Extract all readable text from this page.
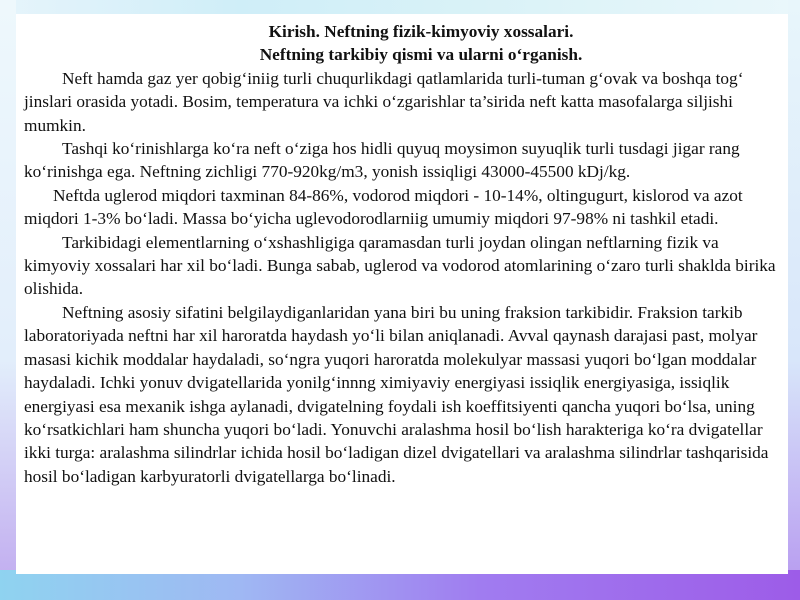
Kirish. Neftning fizik-kimyoviy xossalari.

Neftning tarkibiy qismi va ularni o‘rganish.

Neft hamda gaz yer qobig‘iniig turli chuqurlikdagi qatlamlarida turli-tuman g‘ovak va boshqa tog‘ jinslari orasida yotadi. Bosim, temperatura va ichki o‘zgarishlar ta’sirida neft katta masofalarga siljishi mumkin.

Tashqi ko‘rinishlarga ko‘ra neft o‘ziga hos hidli quyuq moysimon suyuqlik turli tusdagi jigar rang ko‘rinishga ega. Neftning zichligi 770-920kg/m3, yonish issiqligi 43000-45500 kDj/kg.

Neftda uglerod miqdori taxminan 84-86%, vodorod miqdori - 10-14%, oltingugurt, kislorod va azot miqdori 1-3% bo‘ladi. Massa bo‘yicha uglevodorodlarniig umumiy miqdori 97-98% ni tashkil etadi.

Tarkibidagi elementlarning o‘xshashligiga qaramasdan turli joydan olingan neftlarning fizik va kimyoviy xossalari har xil bo‘ladi. Bunga sabab, uglerod va vodorod atomlarining o‘zaro turli shaklda birika olishida.

Neftning asosiy sifatini belgilaydiganlaridan yana biri bu uning fraksion tarkibidir. Fraksion tarkib laboratoriyada neftni har xil haroratda haydash yo‘li bilan aniqlanadi. Avval qaynash darajasi past, molyar masasi kichik moddalar haydaladi, so‘ngra yuqori haroratda molekulyar massasi yuqori bo‘lgan moddalar haydaladi. Ichki yonuv dvigatellarida yonilg‘innng ximiyaviy energiyasi issiqlik energiyasiga, issiqlik energiyasi esa mexanik ishga aylanadi, dvigatelning foydali ish koeffitsiyenti qancha yuqori bo‘lsa, uning ko‘rsatkichlari ham shuncha yuqori bo‘ladi. Yonuvchi aralashma hosil bo‘lish harakteriga ko‘ra dvigatellar ikki turga: aralashma silindrlar ichida hosil bo‘ladigan dizel dvigatellari va aralashma silindrlar tashqarisida hosil bo‘ladigan karbyuratorli dvigatellarga bo‘linadi.
